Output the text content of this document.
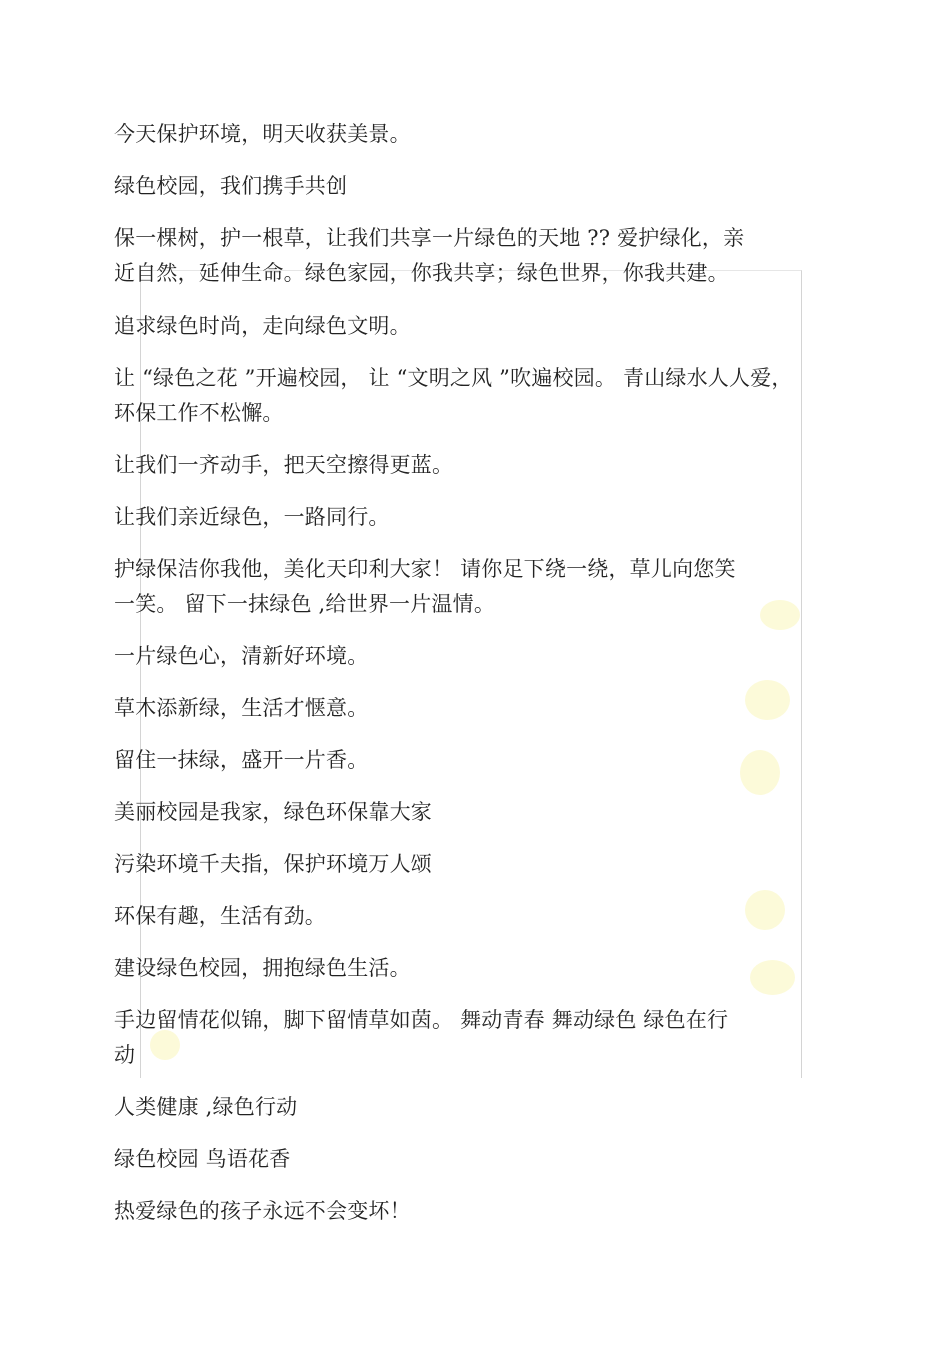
今天保护环境，明天收获美景。
绿色校园，我们携手共创
保一棵树，护一根草，让我们共享一片绿色的天地 ?? 爱护绿化，亲
近自然，延伸生命。绿色家园，你我共享；绿色世界，你我共建。
追求绿色时尚，走向绿色文明。
让 “绿色之花 ”开遍校园， 让 “文明之风 ”吹遍校园。 青山绿水人人爱，
环保工作不松懈。
让我们一齐动手，把天空擦得更蓝。
让我们亲近绿色，一路同行。
护绿保洁你我他，美化天印利大家！ 请你足下绕一绕，草儿向您笑
一笑。 留下一抹绿色 ,给世界一片温情。
一片绿色心，清新好环境。
草木添新绿，生活才惬意。
留住一抹绿，盛开一片香。
美丽校园是我家，绿色环保靠大家
污染环境千夫指，保护环境万人颂
环保有趣，生活有劲。
建设绿色校园，拥抱绿色生活。
手边留情花似锦，脚下留情草如茵。 舞动青春 舞动绿色 绿色在行
动
人类健康 ,绿色行动
绿色校园 鸟语花香
热爱绿色的孩子永远不会变坏！
